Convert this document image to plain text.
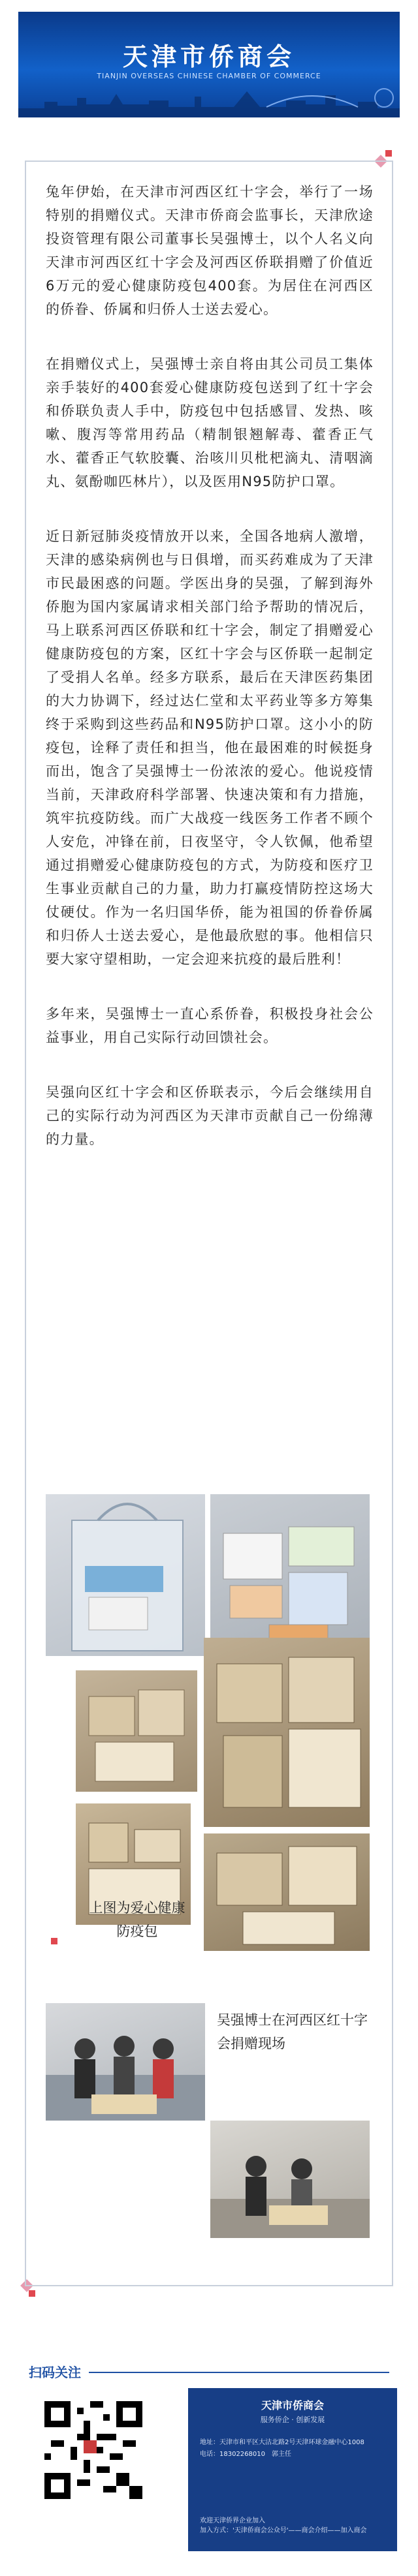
天津市侨商会
TIANJIN OVERSEAS CHINESE CHAMBER OF COMMERCE

兔年伊始，在天津市河西区红十字会，举行了一场特别的捐赠仪式。天津市侨商会监事长，天津欣途投资管理有限公司董事长吴强博士，以个人名义向天津市河西区红十字会及河西区侨联捐赠了价值近6万元的爱心健康防疫包400套。为居住在河西区的侨眷、侨属和归侨人士送去爱心。

在捐赠仪式上，吴强博士亲自将由其公司员工集体亲手装好的400套爱心健康防疫包送到了红十字会和侨联负责人手中，防疫包中包括感冒、发热、咳嗽、腹泻等常用药品（精制银翘解毒、藿香正气水、藿香正气软胶囊、治咳川贝枇杷滴丸、清咽滴丸、氨酚咖匹林片），以及医用N95防护口罩。

近日新冠肺炎疫情放开以来，全国各地病人激增，天津的感染病例也与日俱增，而买药难成为了天津市民最困惑的问题。学医出身的吴强，了解到海外侨胞为国内家属请求相关部门给予帮助的情况后，马上联系河西区侨联和红十字会，制定了捐赠爱心健康防疫包的方案，区红十字会与区侨联一起制定了受捐人名单。经多方联系，最后在天津医药集团的大力协调下，经过达仁堂和太平药业等多方筹集终于采购到这些药品和N95防护口罩。这小小的防疫包，诠释了责任和担当，他在最困难的时候挺身而出，饱含了吴强博士一份浓浓的爱心。他说疫情当前，天津政府科学部署、快速决策和有力措施，筑牢抗疫防线。而广大战疫一线医务工作者不顾个人安危，冲锋在前，日夜坚守，令人钦佩，他希望通过捐赠爱心健康防疫包的方式，为防疫和医疗卫生事业贡献自己的力量，助力打赢疫情防控这场大仗硬仗。作为一名归国华侨，能为祖国的侨眷侨属和归侨人士送去爱心，是他最欣慰的事。他相信只要大家守望相助，一定会迎来抗疫的最后胜利！

多年来，吴强博士一直心系侨眷，积极投身社会公益事业，用自己实际行动回馈社会。

吴强向区红十字会和区侨联表示，今后会继续用自己的实际行动为河西区为天津市贡献自己一份绵薄的力量。

上图为爱心健康防疫包
吴强博士在河西区红十字会捐赠现场
扫码关注
天津市侨商会
服务侨企 · 创新发展
地址：天津市和平区大沽北路2号天津环球金融中心1008
电话：18302268010　郭主任
欢迎天津侨界企业加入
加入方式：'天津侨商会公众号'——商会介绍——加入商会
